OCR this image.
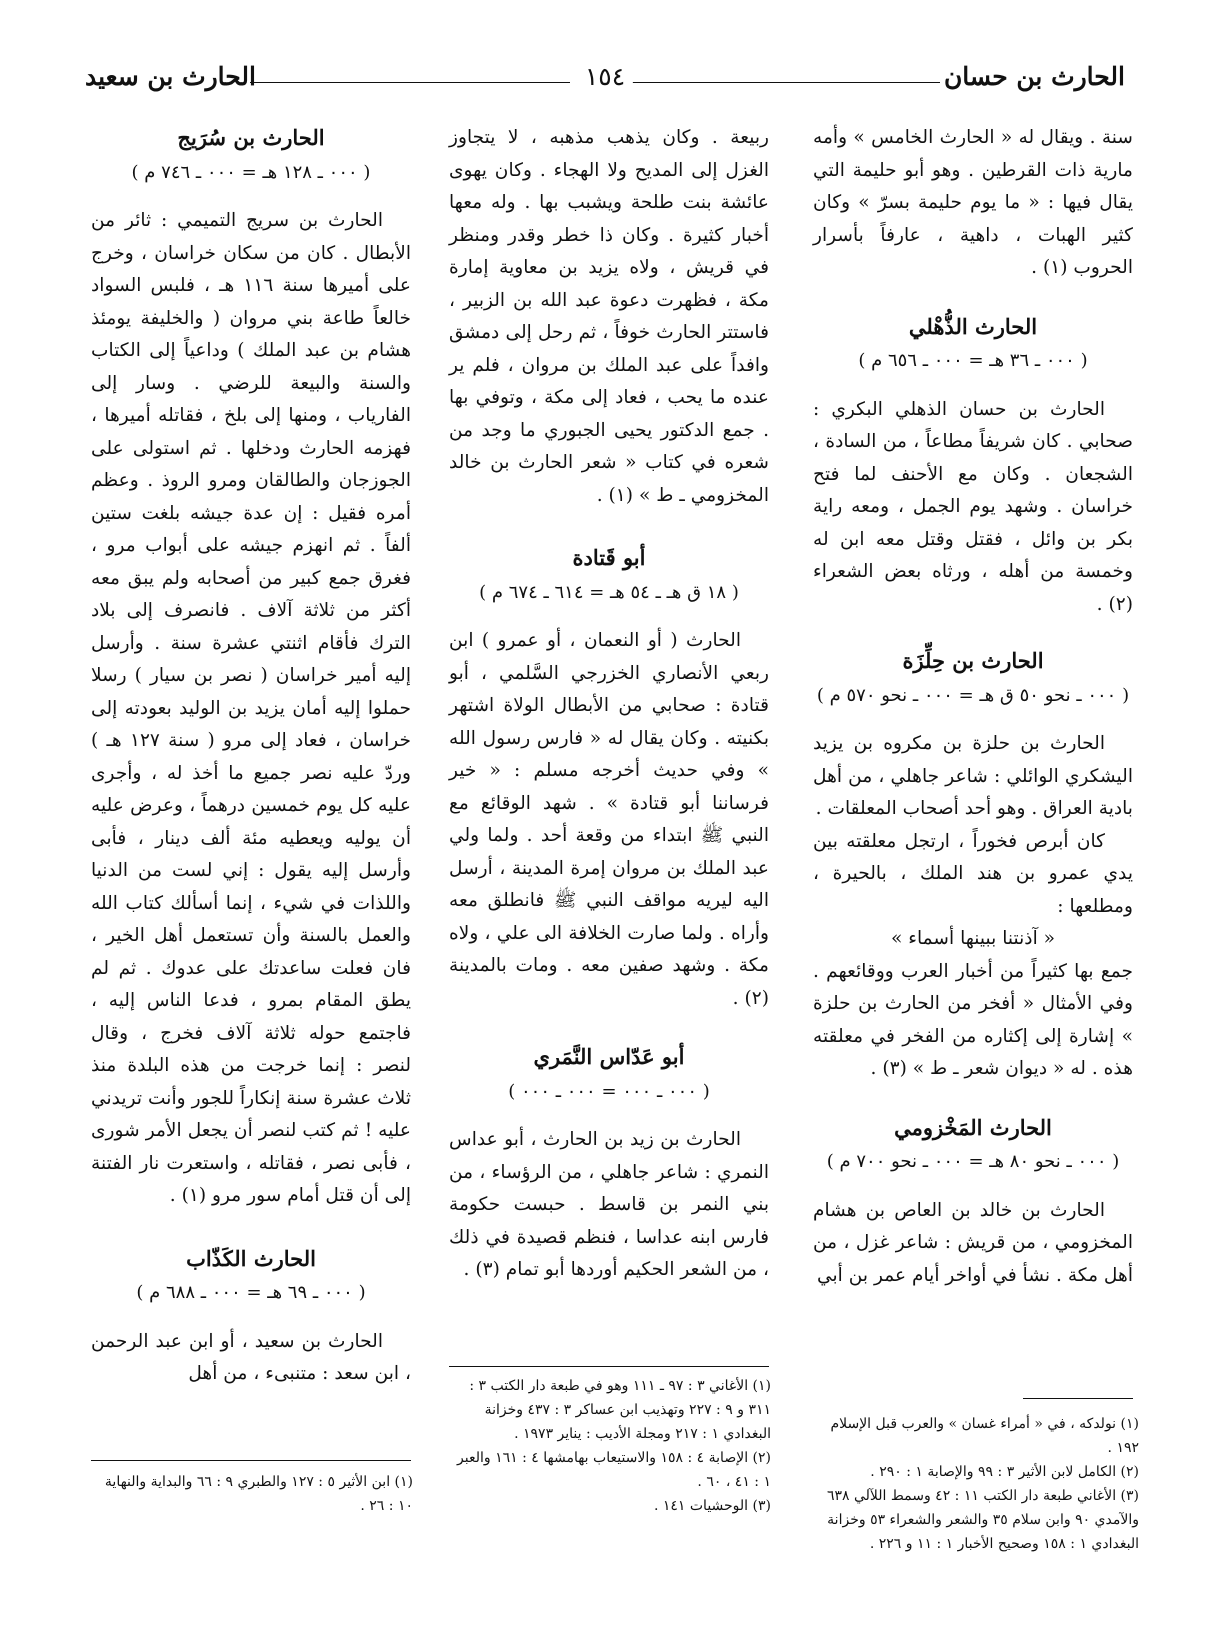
الحارث بن حسان
١٥٤
الحارث بن سعيد

سنة . ويقال له « الحارث الخامس » وأمه مارية ذات القرطين . وهو أبو حليمة التي يقال فيها : « ما يوم حليمة بسرّ » وكان كثير الهبات ، داهية ، عارفاً بأسرار الحروب (١) .

الحارث الذُّهْلي
( ٠٠٠ ـ ٣٦ هـ = ٠٠٠ ـ ٦٥٦ م )

الحارث بن حسان الذهلي البكري : صحابي . كان شريفاً مطاعاً ، من السادة ، الشجعان . وكان مع الأحنف لما فتح خراسان . وشهد يوم الجمل ، ومعه راية بكر بن وائل ، فقتل وقتل معه ابن له وخمسة من أهله ، ورثاه بعض الشعراء (٢) .

الحارث بن حِلِّزَة
( ٠٠٠ ـ نحو ٥٠ ق هـ = ٠٠٠ ـ نحو ٥٧٠ م )

الحارث بن حلزة بن مكروه بن يزيد اليشكري الوائلي : شاعر جاهلي ، من أهل بادية العراق . وهو أحد أصحاب المعلقات .

كان أبرص فخوراً ، ارتجل معلقته بين يدي عمرو بن هند الملك ، بالحيرة ، ومطلعها :

« آذنتنا ببينها أسماء »

جمع بها كثيراً من أخبار العرب ووقائعهم . وفي الأمثال « أفخر من الحارث بن حلزة » إشارة إلى إكثاره من الفخر في معلقته هذه . له « ديوان شعر ـ ط » (٣) .

الحارث المَخْزومي
( ٠٠٠ ـ نحو ٨٠ هـ = ٠٠٠ ـ نحو ٧٠٠ م )

الحارث بن خالد بن العاص بن هشام المخزومي ، من قريش : شاعر غزل ، من أهل مكة . نشأ في أواخر أيام عمر بن أبي

(١) نولدكه ، في « أمراء غسان » والعرب قبل الإسلام ١٩٢ .

(٢) الكامل لابن الأثير ٣ : ٩٩ والإصابة ١ : ٢٩٠ .

(٣) الأغاني طبعة دار الكتب ١١ : ٤٢ وسمط اللآلي ٦٣٨ والآمدي ٩٠ وابن سلام ٣٥ والشعر والشعراء ٥٣ وخزانة البغدادي ١ : ١٥٨ وصحيح الأخبار ١ : ١١ و ٢٢٦ .

ربيعة . وكان يذهب مذهبه ، لا يتجاوز الغزل إلى المديح ولا الهجاء . وكان يهوى عائشة بنت طلحة ويشبب بها . وله معها أخبار كثيرة . وكان ذا خطر وقدر ومنظر في قريش ، ولاه يزيد بن معاوية إمارة مكة ، فظهرت دعوة عبد الله بن الزبير ، فاستتر الحارث خوفاً ، ثم رحل إلى دمشق وافداً على عبد الملك بن مروان ، فلم ير عنده ما يحب ، فعاد إلى مكة ، وتوفي بها . جمع الدكتور يحيى الجبوري ما وجد من شعره في كتاب « شعر الحارث بن خالد المخزومي ـ ط » (١) .

أبو قَتادة
( ١٨ ق هـ ـ ٥٤ هـ = ٦١٤ ـ ٦٧٤ م )

الحارث ( أو النعمان ، أو عمرو ) ابن ربعي الأنصاري الخزرجي السَّلمي ، أبو قتادة : صحابي من الأبطال الولاة اشتهر بكنيته . وكان يقال له « فارس رسول الله » وفي حديث أخرجه مسلم : « خير فرساننا أبو قتادة » . شهد الوقائع مع النبي ﷺ ابتداء من وقعة أحد . ولما ولي عبد الملك بن مروان إمرة المدينة ، أرسل اليه ليريه مواقف النبي ﷺ فانطلق معه وأراه . ولما صارت الخلافة الى علي ، ولاه مكة . وشهد صفين معه . ومات بالمدينة (٢) .

أبو عَدّاس النَّمَري
( ٠٠٠ ـ ٠٠٠ = ٠٠٠ ـ ٠٠٠ )

الحارث بن زيد بن الحارث ، أبو عداس النمري : شاعر جاهلي ، من الرؤساء ، من بني النمر بن قاسط . حبست حكومة فارس ابنه عداسا ، فنظم قصيدة في ذلك ، من الشعر الحكيم أوردها أبو تمام (٣) .

(١) الأغاني ٣ : ٩٧ ـ ١١١ وهو في طبعة دار الكتب ٣ : ٣١١ و ٩ : ٢٢٧ وتهذيب ابن عساكر ٣ : ٤٣٧ وخزانة البغدادي ١ : ٢١٧ ومجلة الأديب : يناير ١٩٧٣ .

(٢) الإصابة ٤ : ١٥٨ والاستيعاب بهامشها ٤ : ١٦١ والعبر ١ : ٤١ ، ٦٠ .

(٣) الوحشيات ١٤١ .

الحارث بن سُرَيج
( ٠٠٠ ـ ١٢٨ هـ = ٠٠٠ ـ ٧٤٦ م )

الحارث بن سريج التميمي : ثائر من الأبطال . كان من سكان خراسان ، وخرج على أميرها سنة ١١٦ هـ ، فلبس السواد خالعاً طاعة بني مروان ( والخليفة يومئذ هشام بن عبد الملك ) وداعياً إلى الكتاب والسنة والبيعة للرضي . وسار إلى الفارياب ، ومنها إلى بلخ ، فقاتله أميرها ، فهزمه الحارث ودخلها . ثم استولى على الجوزجان والطالقان ومرو الروذ . وعظم أمره فقيل : إن عدة جيشه بلغت ستين ألفاً . ثم انهزم جيشه على أبواب مرو ، فغرق جمع كبير من أصحابه ولم يبق معه أكثر من ثلاثة آلاف . فانصرف إلى بلاد الترك فأقام اثنتي عشرة سنة . وأرسل إليه أمير خراسان ( نصر بن سيار ) رسلا حملوا إليه أمان يزيد بن الوليد بعودته إلى خراسان ، فعاد إلى مرو ( سنة ١٢٧ هـ ) وردّ عليه نصر جميع ما أخذ له ، وأجرى عليه كل يوم خمسين درهماً ، وعرض عليه أن يوليه ويعطيه مئة ألف دينار ، فأبى وأرسل إليه يقول : إني لست من الدنيا واللذات في شيء ، إنما أسألك كتاب الله والعمل بالسنة وأن تستعمل أهل الخير ، فان فعلت ساعدتك على عدوك . ثم لم يطق المقام بمرو ، فدعا الناس إليه ، فاجتمع حوله ثلاثة آلاف فخرج ، وقال لنصر : إنما خرجت من هذه البلدة منذ ثلاث عشرة سنة إنكاراً للجور وأنت تريدني عليه ! ثم كتب لنصر أن يجعل الأمر شورى ، فأبى نصر ، فقاتله ، واستعرت نار الفتنة إلى أن قتل أمام سور مرو (١) .

الحارث الكَذّاب
( ٠٠٠ ـ ٦٩ هـ = ٠٠٠ ـ ٦٨٨ م )

الحارث بن سعيد ، أو ابن عبد الرحمن ، ابن سعد : متنبىء ، من أهل

(١) ابن الأثير ٥ : ١٢٧ والطبري ٩ : ٦٦ والبداية والنهاية ١٠ : ٢٦ .
